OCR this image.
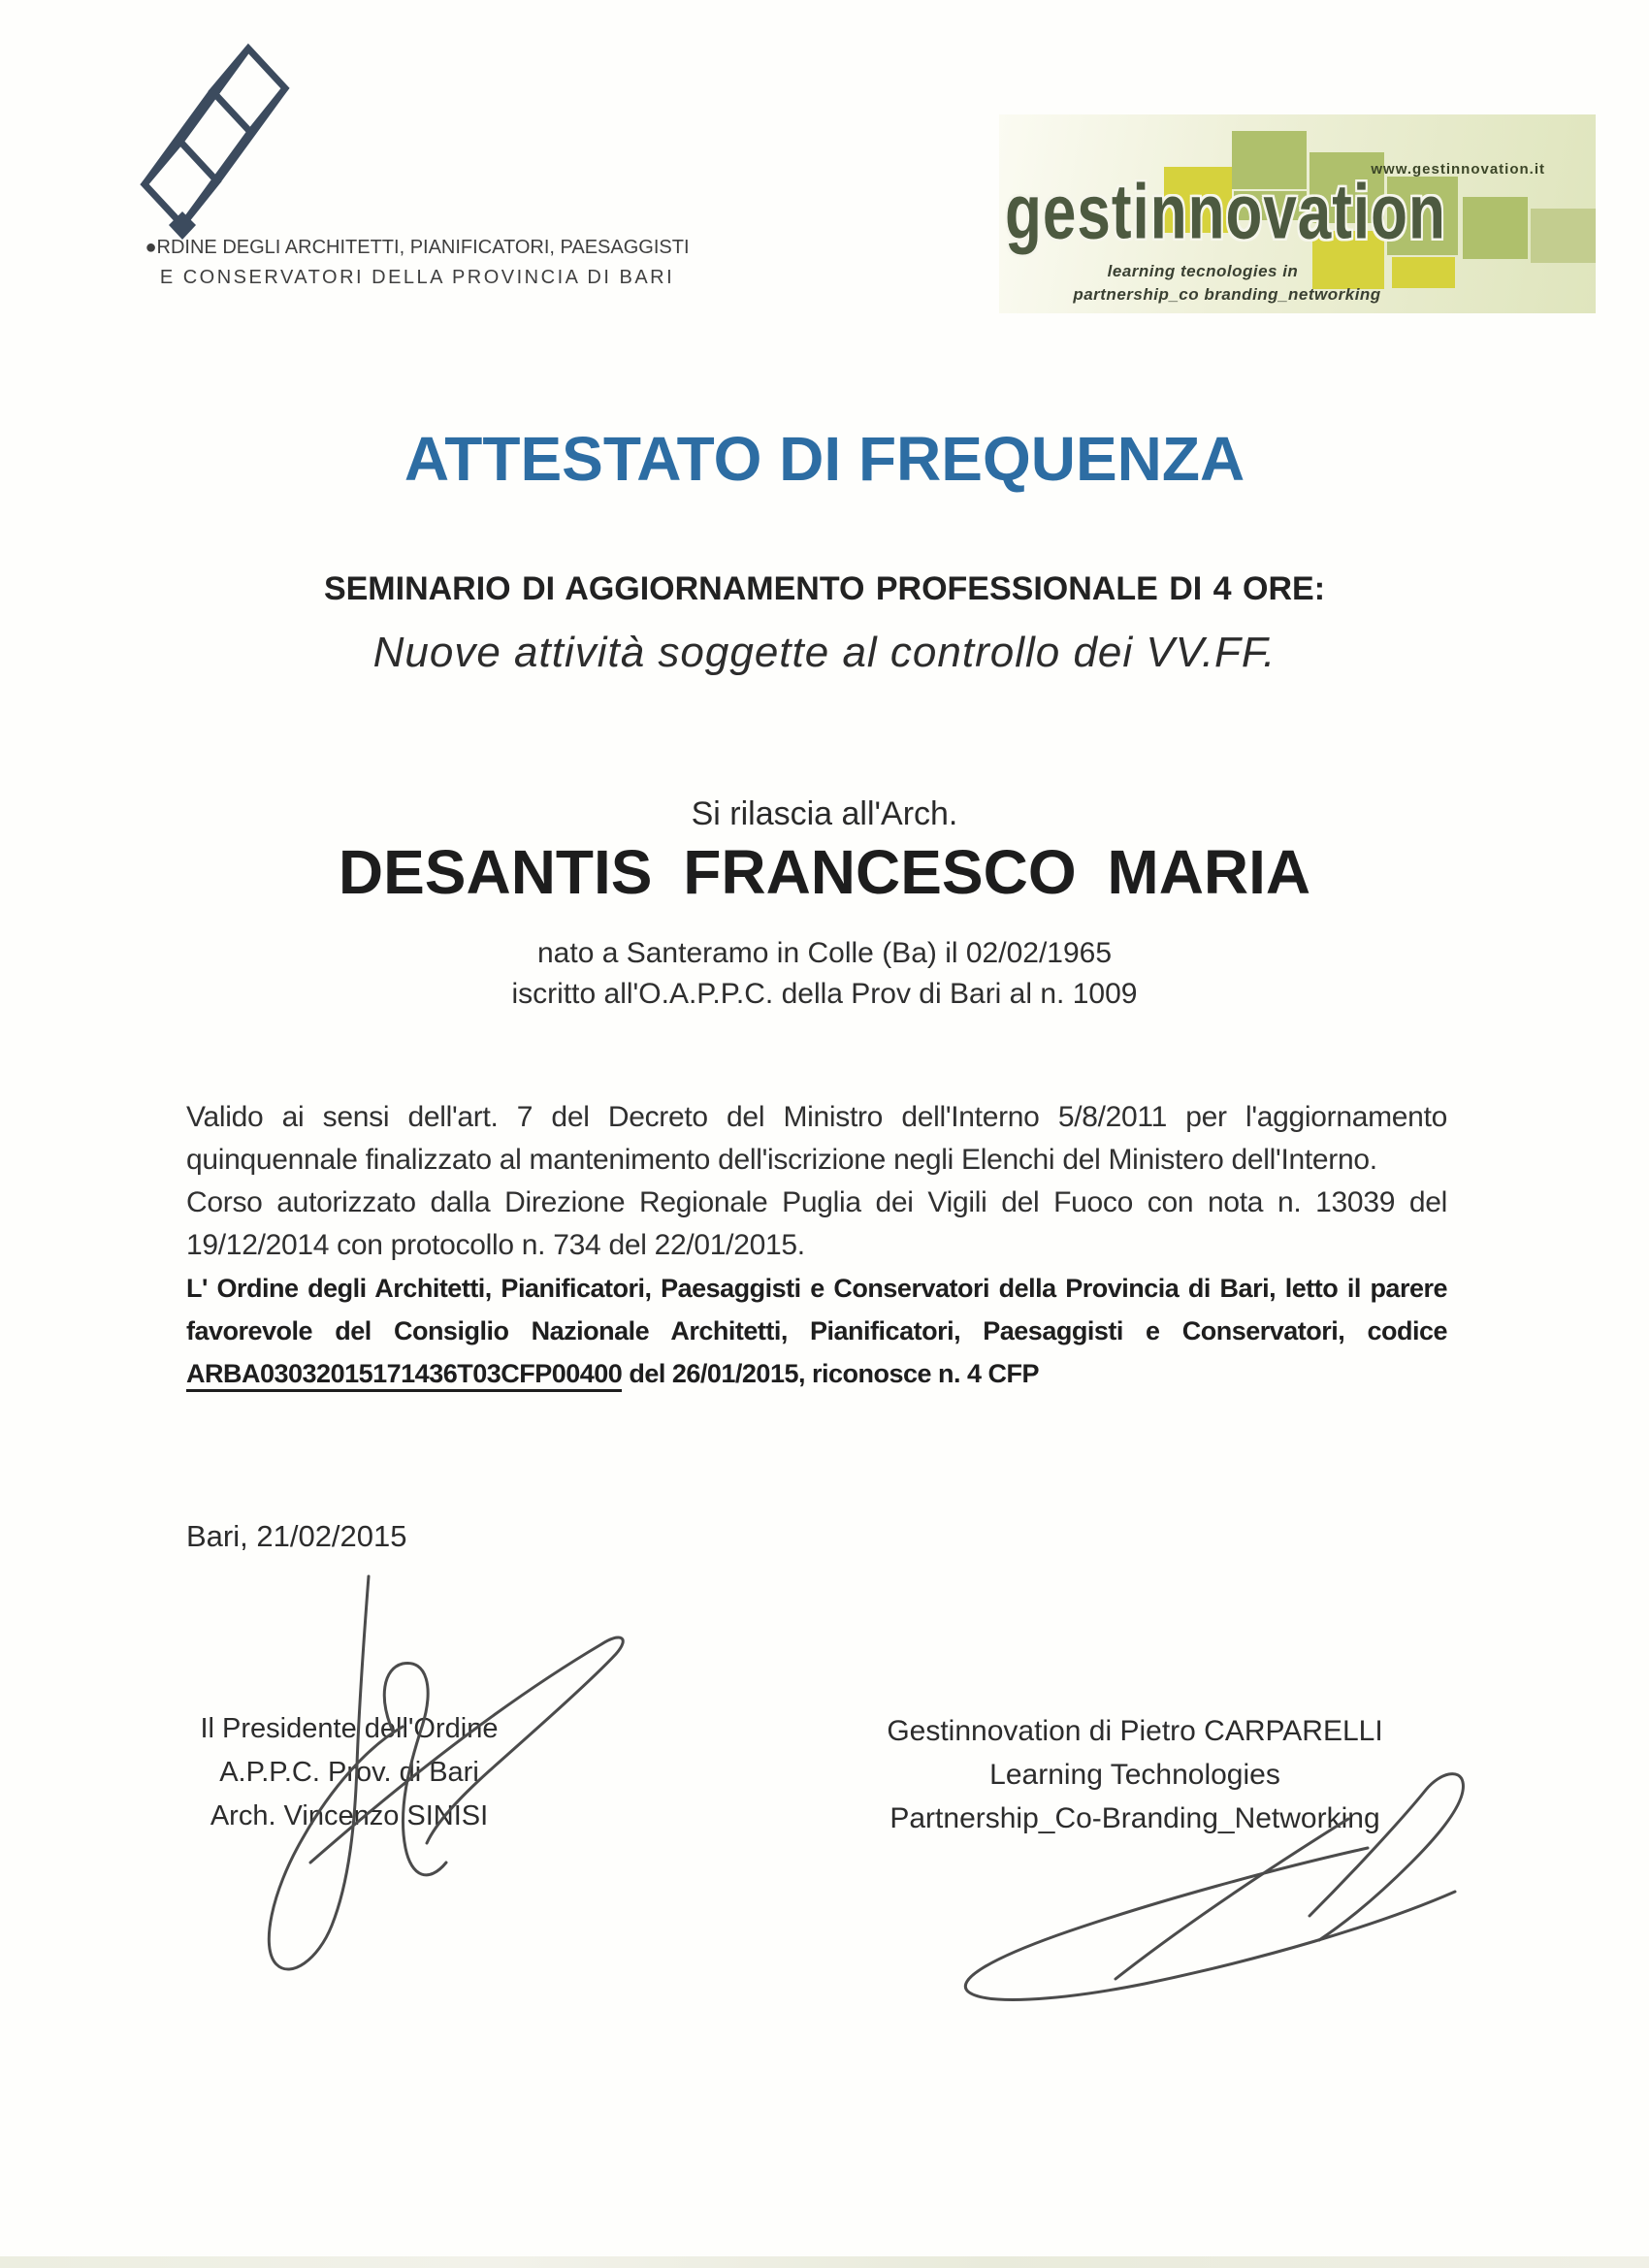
●RDINE DEGLI ARCHITETTI, PIANIFICATORI, PAESAGGISTI
E CONSERVATORI DELLA PROVINCIA DI BARI
gestinnovation
www.gestinnovation.it
learning tecnologies in
partnership_co branding_networking
ATTESTATO DI FREQUENZA
SEMINARIO DI AGGIORNAMENTO PROFESSIONALE DI 4 ORE:
Nuove attività soggette al controllo dei VV.FF.
Si rilascia all'Arch.
DESANTIS FRANCESCO MARIA
nato a Santeramo in Colle (Ba) il 02/02/1965
iscritto all'O.A.P.P.C. della Prov di Bari al n. 1009

Valido ai sensi dell'art. 7 del Decreto del Ministro dell'Interno 5/8/2011 per l'aggiornamento quinquennale finalizzato al mantenimento dell'iscrizione negli Elenchi del Ministero dell'Interno.

Corso autorizzato dalla Direzione Regionale Puglia dei Vigili del Fuoco con nota n. 13039 del 19/12/2014 con protocollo n. 734 del 22/01/2015.

L' Ordine degli Architetti, Pianificatori, Paesaggisti e Conservatori della Provincia di Bari, letto il parere favorevole del Consiglio Nazionale Architetti, Pianificatori, Paesaggisti e Conservatori, codice ARBA03032015171436T03CFP00400 del 26/01/2015, riconosce n. 4 CFP

Bari, 21/02/2015
Il Presidente dell'Ordine
A.P.P.C. Prov. di Bari
Arch. Vincenzo SINISI
Gestinnovation di Pietro CARPARELLI
Learning Technologies
Partnership_Co-Branding_Networking
